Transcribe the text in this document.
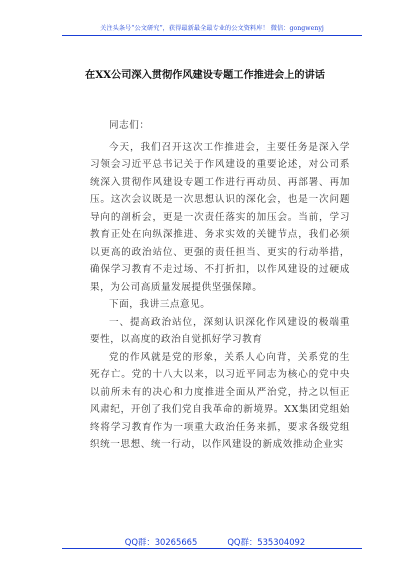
关注头条号“公文研究”，获得最新最全最专业的公文资料库！ 微信：gongwenyj
在XX公司深入贯彻作风建设专题工作推进会上的讲话

同志们：

今天，我们召开这次工作推进会，主要任务是深入学习领会习近平总书记关于作风建设的重要论述，对公司系统深入贯彻作风建设专题工作进行再动员、再部署、再加压。这次会议既是一次思想认识的深化会，也是一次问题导向的剖析会，更是一次责任落实的加压会。当前，学习教育正处在向纵深推进、务求实效的关键节点，我们必须以更高的政治站位、更强的责任担当、更实的行动举措，确保学习教育不走过场、不打折扣，以作风建设的过硬成果，为公司高质量发展提供坚强保障。

下面，我讲三点意见。

一、提高政治站位，深刻认识深化作风建设的极端重要性，以高度的政治自觉抓好学习教育

党的作风就是党的形象，关系人心向背，关系党的生死存亡。党的十八大以来，以习近平同志为核心的党中央以前所未有的决心和力度推进全面从严治党，持之以恒正风肃纪，开创了我们党自我革命的新境界。XX集团党组始终将学习教育作为一项重大政治任务来抓，要求各级党组织统一思想、统一行动，以作风建设的新成效推动企业实

QQ群：30265665	QQ群：535304092
